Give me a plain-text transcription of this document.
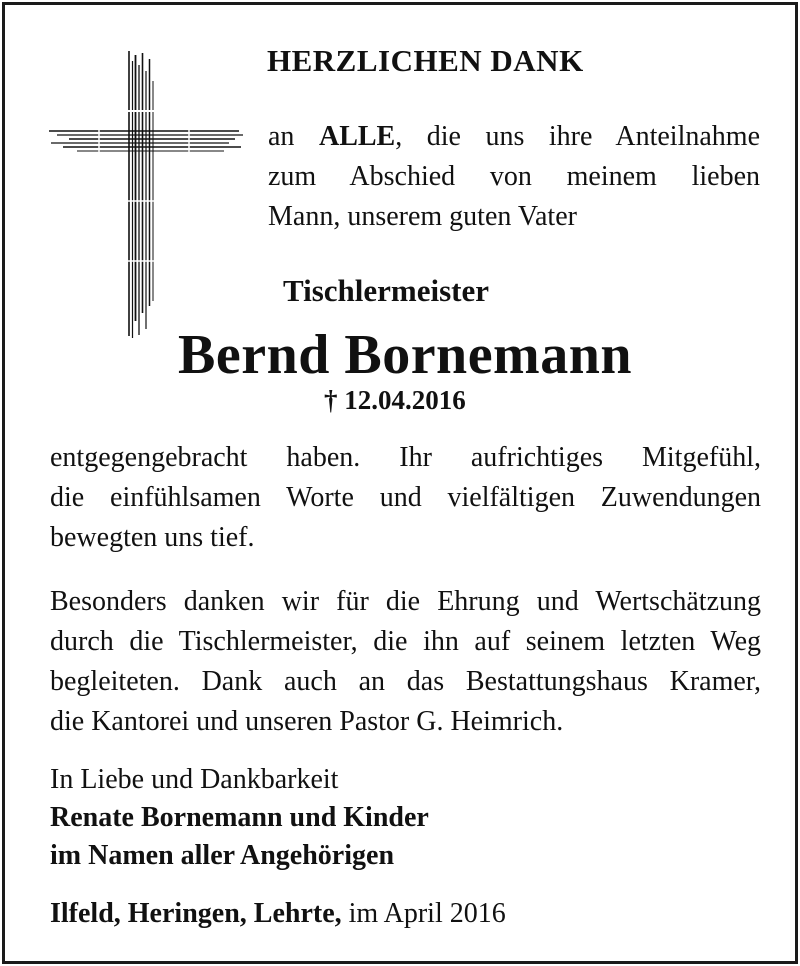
HERZLICHEN DANK
an ALLE, die uns ihre Anteilnahme
zum Abschied von meinem lieben
Mann, unserem guten Vater
Tischlermeister
Bernd Bornemann
† 12.04.2016
entgegengebracht haben. Ihr aufrichtiges Mitgefühl,
die einfühlsamen Worte und vielfältigen Zuwendungen
bewegten uns tief.
Besonders danken wir für die Ehrung und Wertschätzung
durch die Tischlermeister, die ihn auf seinem letzten Weg
begleiteten. Dank auch an das Bestattungshaus Kramer,
die Kantorei und unseren Pastor G. Heimrich.
In Liebe und Dankbarkeit
Renate Bornemann und Kinder
im Namen aller Angehörigen
Ilfeld, Heringen, Lehrte, im April 2016
